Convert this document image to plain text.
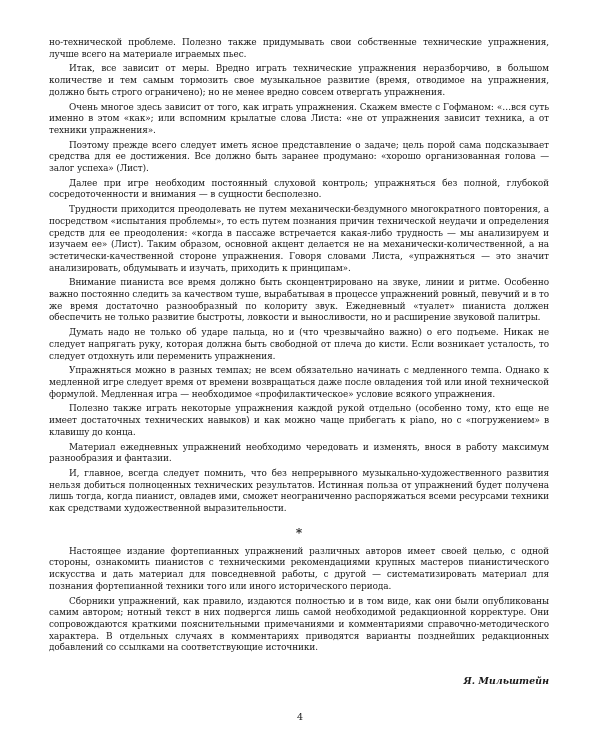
но-технической проблеме. Полезно также придумывать свои собственные технические упражнения, лучше всего на материале играемых пьес.

Итак, все зависит от меры. Вредно играть технические упражнения неразборчиво, в большом количестве и тем самым тормозить свое музыкальное развитие (время, отводимое на упражнения, должно быть строго ограничено); но не менее вредно совсем отвергать упражнения.

Очень многое здесь зависит от того, как играть упражнения. Скажем вместе с Гофманом: «…вся суть именно в этом «как»; или вспомним крылатые слова Листа: «не от упражнения зависит техника, а от техники упражнения».

Поэтому прежде всего следует иметь ясное представление о задаче; цель порой сама подсказывает средства для ее достижения. Все должно быть заранее продумано: «хорошо организованная голова — залог успеха» (Лист).

Далее при игре необходим постоянный слуховой контроль; упражняться без полной, глубокой сосредоточенности и внимания — в сущности бесполезно.

Трудности приходится преодолевать не путем механически-бездумного многократного повторения, а посредством «испытания проблемы», то есть путем познания причин технической неудачи и определения средств для ее преодоления: «когда в пассаже встречается какая-либо трудность — мы анализируем и изучаем ее» (Лист). Таким образом, основной акцент делается не на механически-количественной, а на эстетически-качественной стороне упражнения. Говоря словами Листа, «упражняться — это значит анализировать, обдумывать и изучать, приходить к принципам».

Внимание пианиста все время должно быть сконцентрировано на звуке, линии и ритме. Особенно важно постоянно следить за качеством туше, вырабатывая в процессе упражнений ровный, певучий и в то же время достаточно разнообразный по колориту звук. Ежедневный «туалет» пианиста должен обеспечить не только развитие быстроты, ловкости и выносливости, но и расширение звуковой палитры.

Думать надо не только об ударе пальца, но и (что чрезвычайно важно) о его подъеме. Никак не следует напрягать руку, которая должна быть свободной от плеча до кисти. Если возникает усталость, то следует отдохнуть или переменить упражнения.

Упражняться можно в разных темпах; не всем обязательно начинать с медленного темпа. Однако к медленной игре следует время от времени возвращаться даже после овладения той или иной технической формулой. Медленная игра — необходимое «профилактическое» условие всякого упражнения.

Полезно также играть некоторые упражнения каждой рукой отдельно (особенно тому, кто еще не имеет достаточных технических навыков) и как можно чаще прибегать к piano, но с «погружением» в клавишу до конца.

Материал ежедневных упражнений необходимо чередовать и изменять, внося в работу максимум разнообразия и фантазии.

И, главное, всегда следует помнить, что без непрерывного музыкально-художественного развития нельзя добиться полноценных технических результатов. Истинная польза от упражнений будет получена лишь тогда, когда пианист, овладев ими, сможет неограниченно распоряжаться всеми ресурсами техники как средствами художественной выразительности.

*

Настоящее издание фортепианных упражнений различных авторов имеет своей целью, с одной стороны, ознакомить пианистов с техническими рекомендациями крупных мастеров пианистического искусства и дать материал для повседневной работы, с другой — систематизировать материал для познания фортепианной техники того или иного исторического периода.

Сборники упражнений, как правило, издаются полностью и в том виде, как они были опубликованы самим автором; нотный текст в них подвергся лишь самой необходимой редакционной корректуре. Они сопровождаются краткими пояснительными примечаниями и комментариями справочно-методического характера. В отдельных случаях в комментариях приводятся варианты позднейших редакционных добавлений со ссылками на соответствующие источники.

Я. Мильштейн
4
